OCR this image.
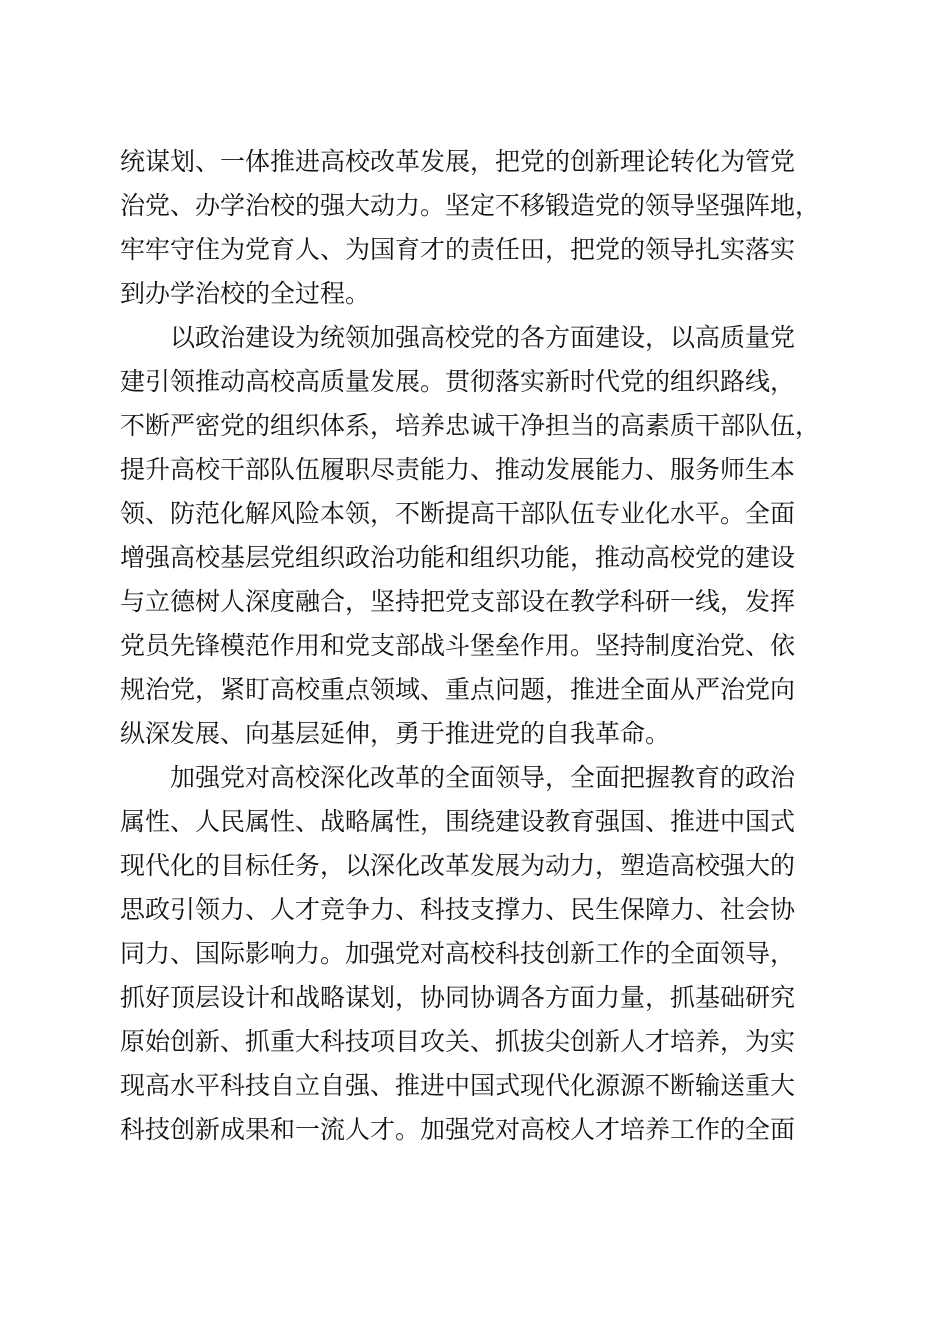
统谋划、一体推进高校改革发展，把党的创新理论转化为管党
治党、办学治校的强大动力。坚定不移锻造党的领导坚强阵地，
牢牢守住为党育人、为国育才的责任田，把党的领导扎实落实
到办学治校的全过程。
以政治建设为统领加强高校党的各方面建设，以高质量党
建引领推动高校高质量发展。贯彻落实新时代党的组织路线，
不断严密党的组织体系，培养忠诚干净担当的高素质干部队伍，
提升高校干部队伍履职尽责能力、推动发展能力、服务师生本
领、防范化解风险本领，不断提高干部队伍专业化水平。全面
增强高校基层党组织政治功能和组织功能，推动高校党的建设
与立德树人深度融合，坚持把党支部设在教学科研一线，发挥
党员先锋模范作用和党支部战斗堡垒作用。坚持制度治党、依
规治党，紧盯高校重点领域、重点问题，推进全面从严治党向
纵深发展、向基层延伸，勇于推进党的自我革命。
加强党对高校深化改革的全面领导，全面把握教育的政治
属性、人民属性、战略属性，围绕建设教育强国、推进中国式
现代化的目标任务，以深化改革发展为动力，塑造高校强大的
思政引领力、人才竞争力、科技支撑力、民生保障力、社会协
同力、国际影响力。加强党对高校科技创新工作的全面领导，
抓好顶层设计和战略谋划，协同协调各方面力量，抓基础研究
原始创新、抓重大科技项目攻关、抓拔尖创新人才培养，为实
现高水平科技自立自强、推进中国式现代化源源不断输送重大
科技创新成果和一流人才。加强党对高校人才培养工作的全面
